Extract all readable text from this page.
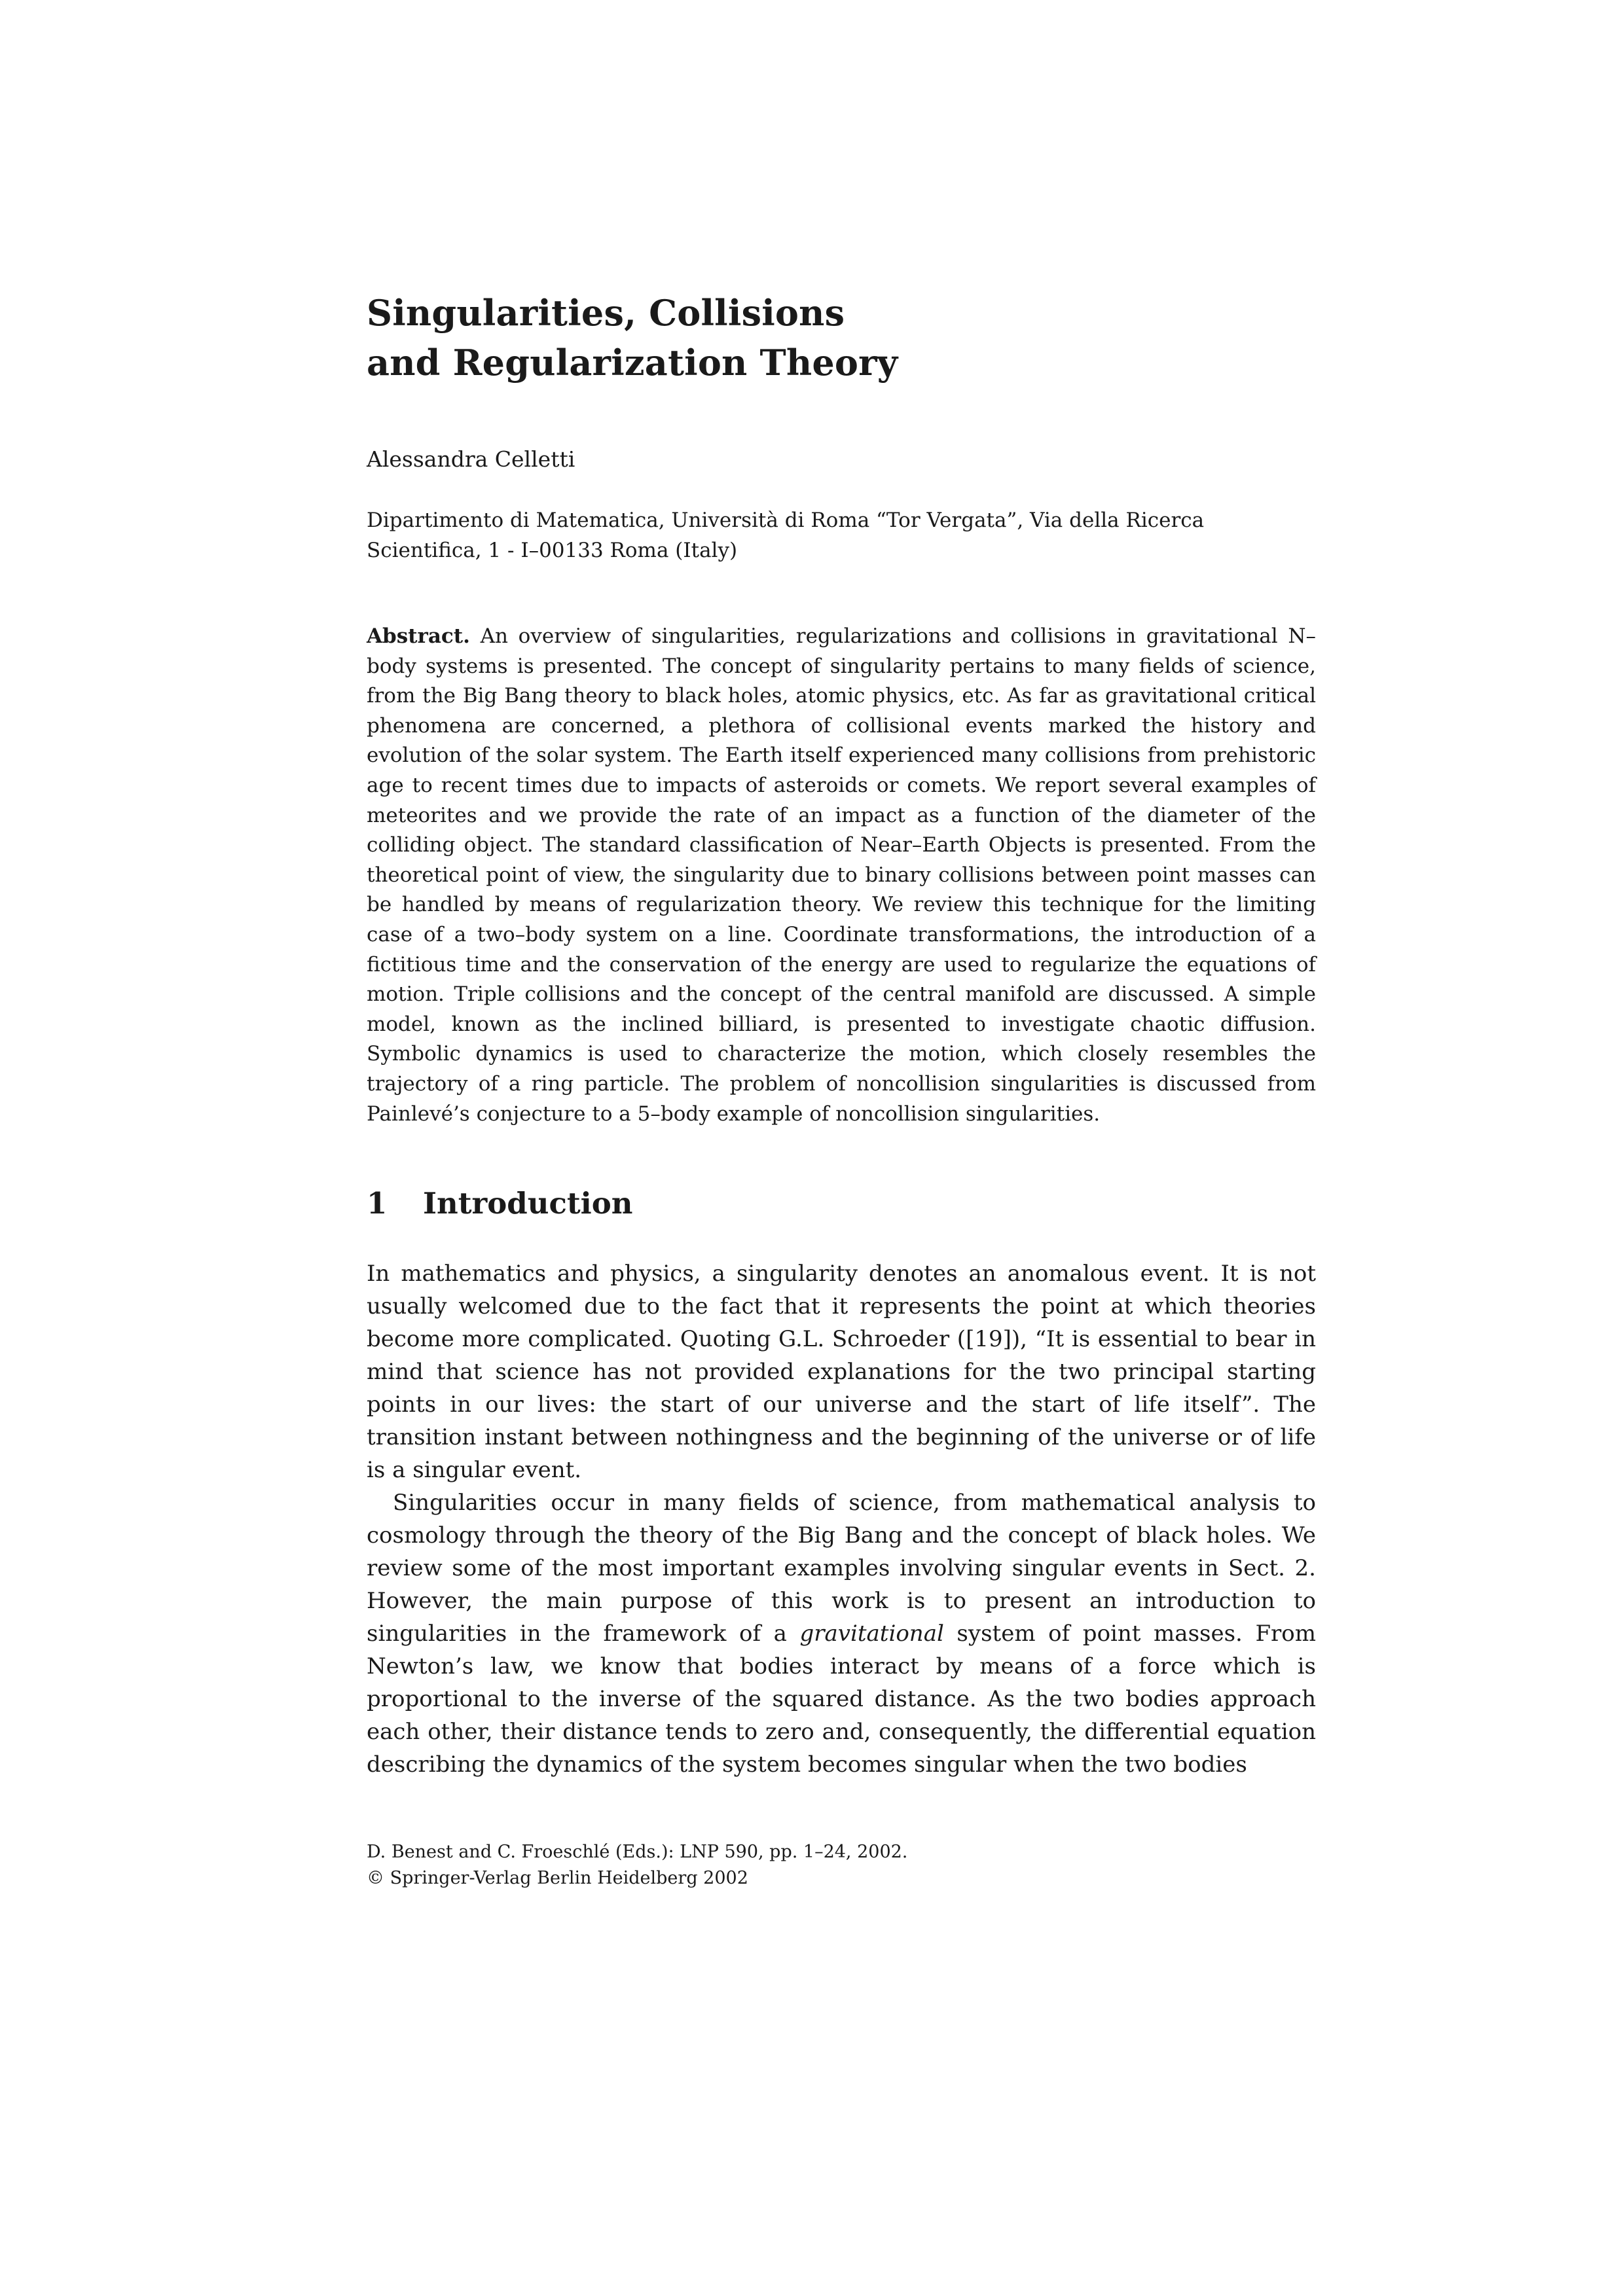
Singularities, Collisions
and Regularization Theory
Alessandra Celletti
Dipartimento di Matematica, Università di Roma “Tor Vergata”, Via della Ricerca
Scientifica, 1 - I–00133 Roma (Italy)
Abstract. An overview of singularities, regularizations and collisions in gravitational N–body systems is presented. The concept of singularity pertains to many fields of science, from the Big Bang theory to black holes, atomic physics, etc. As far as gravitational critical phenomena are concerned, a plethora of collisional events marked the history and evolution of the solar system. The Earth itself experienced many collisions from prehistoric age to recent times due to impacts of asteroids or comets. We report several examples of meteorites and we provide the rate of an impact as a function of the diameter of the colliding object. The standard classification of Near–Earth Objects is presented. From the theoretical point of view, the singularity due to binary collisions between point masses can be handled by means of regularization theory. We review this technique for the limiting case of a two–body system on a line. Coordinate transformations, the introduction of a fictitious time and the conservation of the energy are used to regularize the equations of motion. Triple collisions and the concept of the central manifold are discussed. A simple model, known as the inclined billiard, is presented to investigate chaotic diffusion. Symbolic dynamics is used to characterize the motion, which closely resembles the trajectory of a ring particle. The problem of noncollision singularities is discussed from Painlevé’s conjecture to a 5–body example of noncollision singularities.
1 Introduction

In mathematics and physics, a singularity denotes an anomalous event. It is not usually welcomed due to the fact that it represents the point at which theories become more complicated. Quoting G.L. Schroeder ([19]), “It is essential to bear in mind that science has not provided explanations for the two principal starting points in our lives: the start of our universe and the start of life itself”. The transition instant between nothingness and the beginning of the universe or of life is a singular event.

Singularities occur in many fields of science, from mathematical analysis to cosmology through the theory of the Big Bang and the concept of black holes. We review some of the most important examples involving singular events in Sect. 2. However, the main purpose of this work is to present an introduction to singularities in the framework of a gravitational system of point masses. From Newton’s law, we know that bodies interact by means of a force which is proportional to the inverse of the squared distance. As the two bodies approach each other, their distance tends to zero and, consequently, the differential equation describing the dynamics of the system becomes singular when the two bodies

D. Benest and C. Froeschlé (Eds.): LNP 590, pp. 1–24, 2002.
© Springer-Verlag Berlin Heidelberg 2002
